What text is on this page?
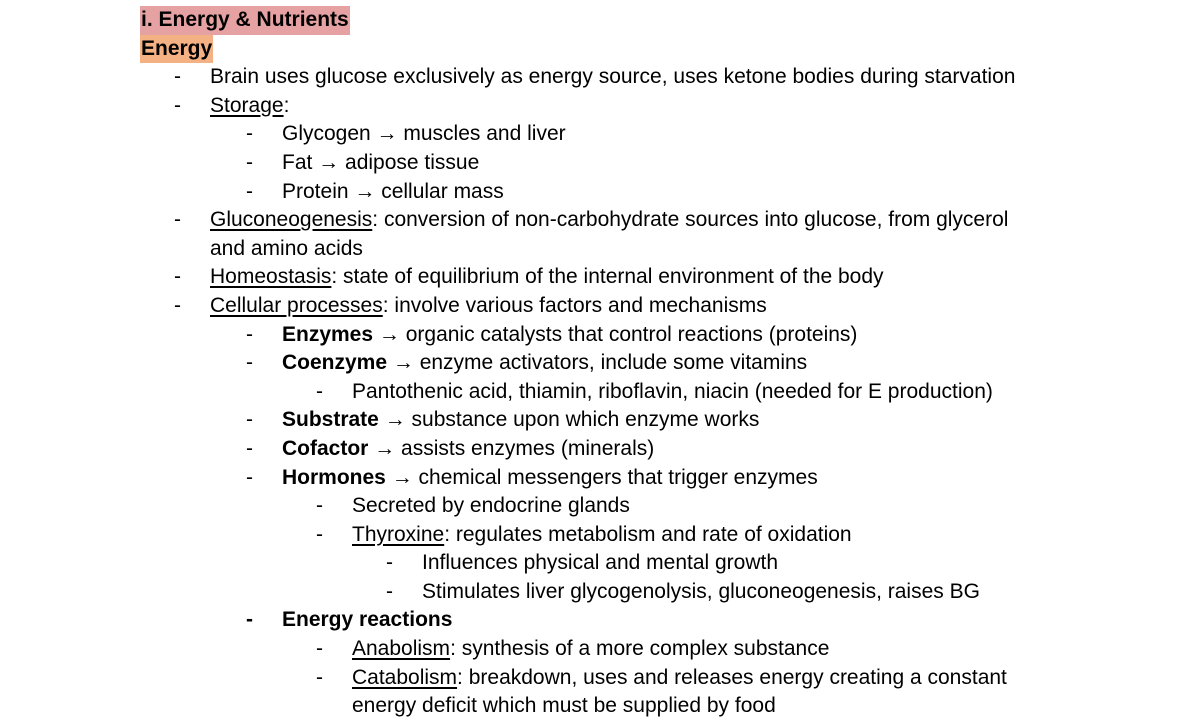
i. Energy & Nutrients
Energy
- Brain uses glucose exclusively as energy source, uses ketone bodies during starvation
- Storage:
- Glycogen → muscles and liver
- Fat → adipose tissue
- Protein → cellular mass
- Gluconeogenesis: conversion of non-carbohydrate sources into glucose, from glycerol
and amino acids
- Homeostasis: state of equilibrium of the internal environment of the body
- Cellular processes: involve various factors and mechanisms
- Enzymes → organic catalysts that control reactions (proteins)
- Coenzyme → enzyme activators, include some vitamins
- Pantothenic acid, thiamin, riboflavin, niacin (needed for E production)
- Substrate → substance upon which enzyme works
- Cofactor → assists enzymes (minerals)
- Hormones → chemical messengers that trigger enzymes
- Secreted by endocrine glands
- Thyroxine: regulates metabolism and rate of oxidation
- Influences physical and mental growth
- Stimulates liver glycogenolysis, gluconeogenesis, raises BG
- Energy reactions
- Anabolism: synthesis of a more complex substance
- Catabolism: breakdown, uses and releases energy creating a constant
energy deficit which must be supplied by food
